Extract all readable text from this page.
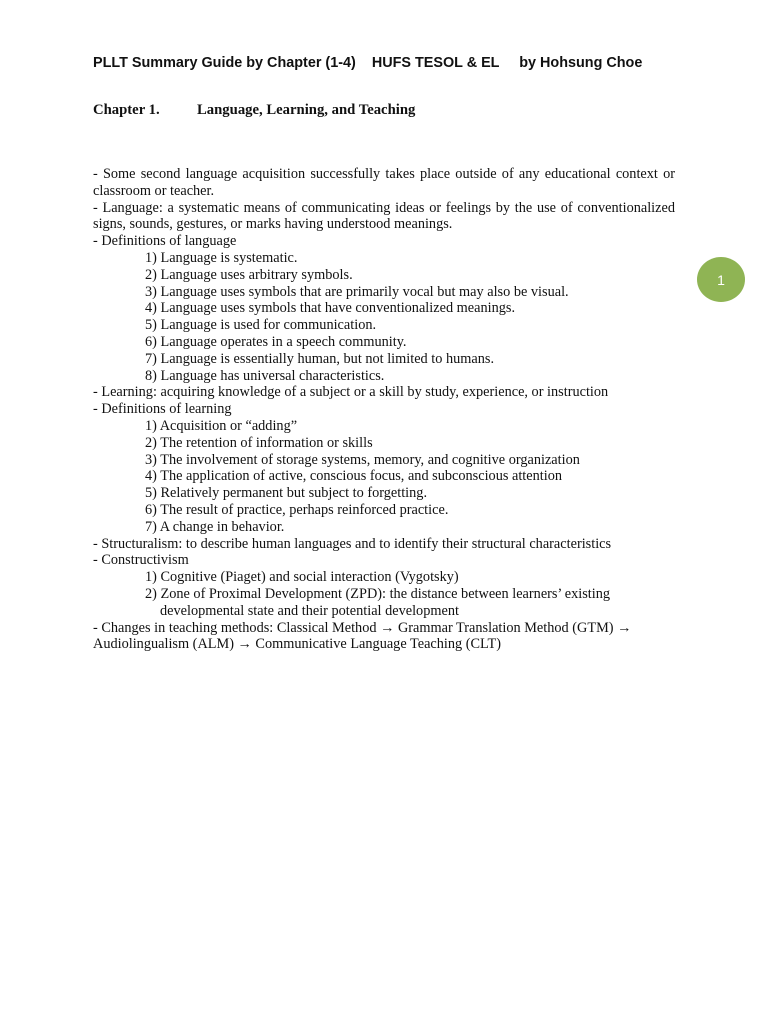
PLLT Summary Guide by Chapter (1-4) HUFS TESOL & EL by Hohsung Choe
Chapter 1.	Language, Learning, and Teaching

- Some second language acquisition successfully takes place outside of any educational context or classroom or teacher.

- Language: a systematic means of communicating ideas or feelings by the use of conventionalized signs, sounds, gestures, or marks having understood meanings.

- Definitions of language

1) Language is systematic.

2) Language uses arbitrary symbols.

3) Language uses symbols that are primarily vocal but may also be visual.

4) Language uses symbols that have conventionalized meanings.

5) Language is used for communication.

6) Language operates in a speech community.

7) Language is essentially human, but not limited to humans.

8) Language has universal characteristics.

- Learning: acquiring knowledge of a subject or a skill by study, experience, or instruction

- Definitions of learning

1) Acquisition or “adding”

2) The retention of information or skills

3) The involvement of storage systems, memory, and cognitive organization

4) The application of active, conscious focus, and subconscious attention

5) Relatively permanent but subject to forgetting.

6) The result of practice, perhaps reinforced practice.

7) A change in behavior.

- Structuralism: to describe human languages and to identify their structural characteristics

- Constructivism

1) Cognitive (Piaget) and social interaction (Vygotsky)

2) Zone of Proximal Development (ZPD): the distance between learners’ existing
developmental state and their potential development

- Changes in teaching methods: Classical Method → Grammar Translation Method (GTM) →
Audiolingualism (ALM) → Communicative Language Teaching (CLT)

1
